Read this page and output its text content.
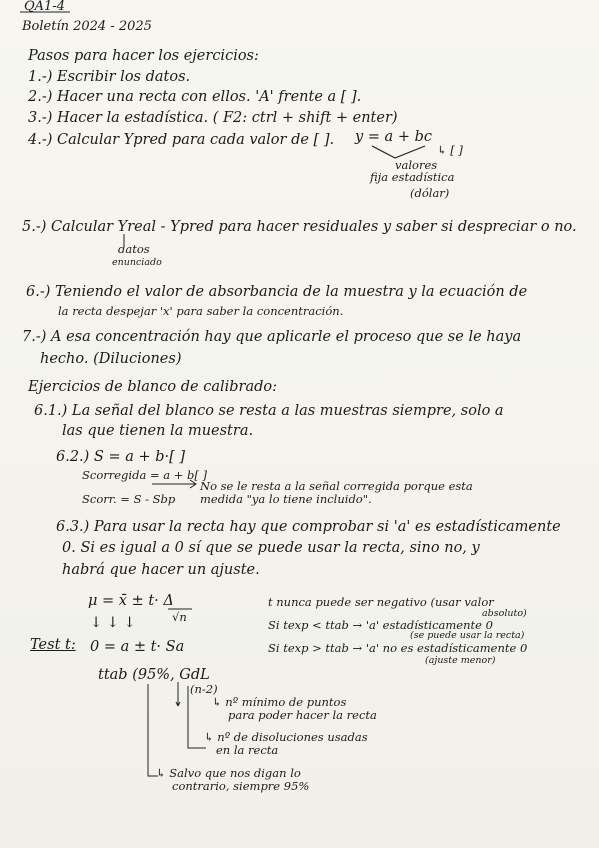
QA1-4
Boletín 2024 - 2025
Pasos para hacer los ejercicios:
1.-) Escribir los datos.
2.-) Hacer una recta con ellos. 'A' frente a [ ].
3.-) Hacer la estadística. ( F2: ctrl + shift + enter)
4.-) Calcular Ypred para cada valor de [ ]. y = a + bc
↳ [ ]
valores
fija estadística
(dólar)
5.-) Calcular Yreal - Ypred para hacer residuales y saber si despreciar o no.
datos
enunciado
6.-) Teniendo el valor de absorbancia de la muestra y la ecuación de
la recta despejar 'x' para saber la concentración.
7.-) A esa concentración hay que aplicarle el proceso que se le haya
hecho. (Diluciones)
Ejercicios de blanco de calibrado:
6.1.) La señal del blanco se resta a las muestras siempre, solo a
las que tienen la muestra.
6.2.) S = a + b·[ ]
Scorregida = a + b[ ]
No se le resta a la señal corregida porque esta
medida "ya lo tiene incluido".
Scorr. = S - Sbp
6.3.) Para usar la recta hay que comprobar si 'a' es estadísticamente
0. Si es igual a 0 sí que se puede usar la recta, sino no, y
habrá que hacer un ajuste.
μ = x̄ ± t· Δ
√n
↓ ↓ ↓
Test t: 0 = a ± t· Sa
t nunca puede ser negativo (usar valor
absoluto)
Si texp < ttab → 'a' estadísticamente 0
(se puede usar la recta)
Si texp > ttab → 'a' no es estadísticamente 0
(ajuste menor)
ttab (95%, GdL
(n-2)
↳ nº mínimo de puntos
para poder hacer la recta
↳ nº de disoluciones usadas
en la recta
↳ Salvo que nos digan lo
contrario, siempre 95%
